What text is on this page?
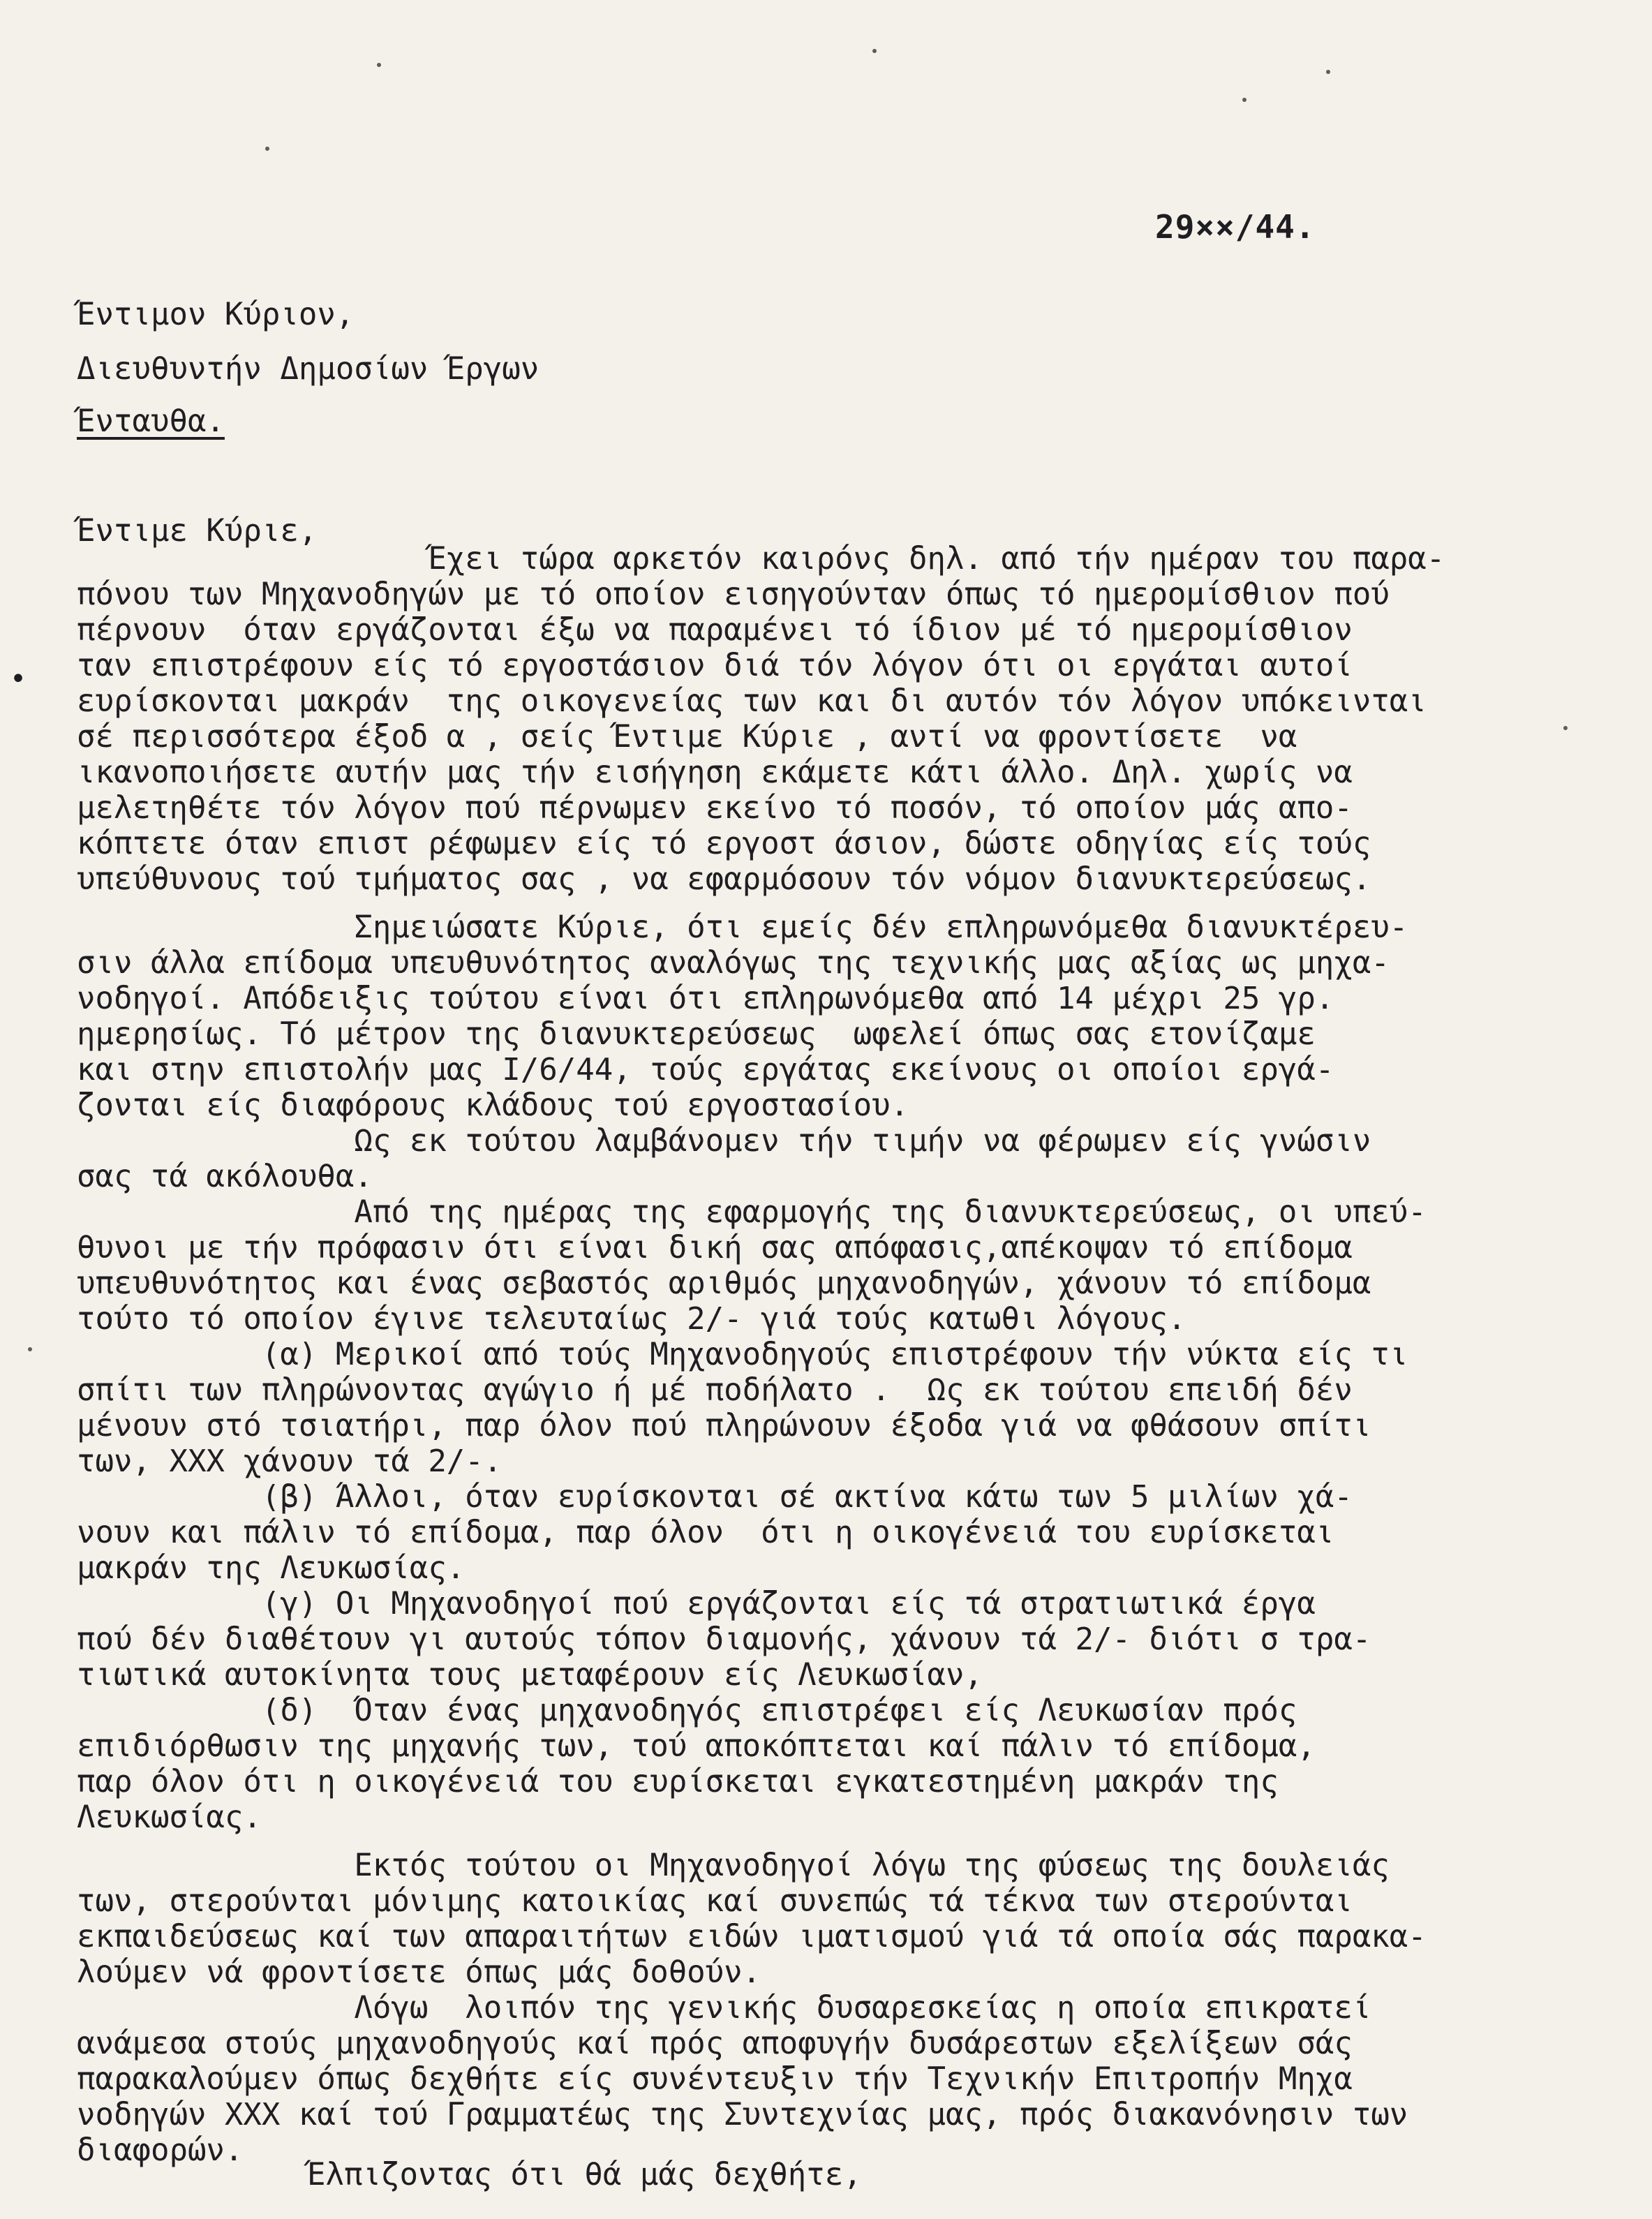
29××/44.
Έντιμον Κύριον,
Διευθυντήν Δημοσίων Έργων
Ένταυθα.
•
Έντιμε Κύριε,
Έχει τώρα αρκετόν καιρόνς δηλ. από τήν ημέραν του παρα-
πόνου των Μηχανοδηγών με τό οποίον εισηγούνταν όπως τό ημερομίσθιον πού
πέρνουν  όταν εργάζονται έξω να παραμένει τό ίδιον μέ τό ημερομίσθιον
ταν επιστρέφουν είς τό εργοστάσιον διά τόν λόγον ότι οι εργάται αυτοί
ευρίσκονται μακράν  της οικογενείας των και δι αυτόν τόν λόγον υπόκεινται
σέ περισσότερα έξοδ α , σείς Έντιμε Κύριε , αντί να φροντίσετε  να
ικανοποιήσετε αυτήν μας τήν εισήγηση εκάμετε κάτι άλλο. Δηλ. χωρίς να
μελετηθέτε τόν λόγον πού πέρνωμεν εκείνο τό ποσόν, τό οποίον μάς απο-
κόπτετε όταν επιστ ρέφωμεν είς τό εργοστ άσιον, δώστε οδηγίας είς τούς
υπεύθυνους τού τμήματος σας , να εφαρμόσουν τόν νόμον διανυκτερεύσεως.
Σημειώσατε Κύριε, ότι εμείς δέν επληρωνόμεθα διανυκτέρευ-
σιν άλλα επίδομα υπευθυνότητος αναλόγως της τεχνικής μας αξίας ως μηχα-
νοδηγοί. Απόδειξις τούτου είναι ότι επληρωνόμεθα από 14 μέχρι 25 γρ.
ημερησίως. Τό μέτρον της διανυκτερεύσεως  ωφελεί όπως σας ετονίζαμε
και στην επιστολήν μας I/6/44, τούς εργάτας εκείνους οι οποίοι εργά-
ζονται είς διαφόρους κλάδους τού εργοστασίου.
Ως εκ τούτου λαμβάνομεν τήν τιμήν να φέρωμεν είς γνώσιν
σας τά ακόλουθα.
Από της ημέρας της εφαρμογής της διανυκτερεύσεως, οι υπεύ-
θυνοι με τήν πρόφασιν ότι είναι δική σας απόφασις,απέκοψαν τό επίδομα
υπευθυνότητος και ένας σεβαστός αριθμός μηχανοδηγών, χάνουν τό επίδομα
τούτο τό οποίον έγινε τελευταίως 2/- γιά τούς κατωθι λόγους.
(α) Μερικοί από τούς Μηχανοδηγούς επιστρέφουν τήν νύκτα είς τι
σπίτι των πληρώνοντας αγώγιο ή μέ ποδήλατο .  Ως εκ τούτου επειδή δέν
μένουν στό τσιατήρι, παρ όλον πού πληρώνουν έξοδα γιά να φθάσουν σπίτι
των, XXX χάνουν τά 2/-.
(β) Άλλοι, όταν ευρίσκονται σέ ακτίνα κάτω των 5 μιλίων χά-
νουν και πάλιν τό επίδομα, παρ όλον  ότι η οικογένειά του ευρίσκεται
μακράν της Λευκωσίας.
(γ) Οι Μηχανοδηγοί πού εργάζονται είς τά στρατιωτικά έργα
πού δέν διαθέτουν γι αυτούς τόπον διαμονής, χάνουν τά 2/- διότι σ τρα-
τιωτικά αυτοκίνητα τους μεταφέρουν είς Λευκωσίαν,
(δ)  Όταν ένας μηχανοδηγός επιστρέφει είς Λευκωσίαν πρός
επιδιόρθωσιν της μηχανής των, τού αποκόπτεται καί πάλιν τό επίδομα,
παρ όλον ότι η οικογένειά του ευρίσκεται εγκατεστημένη μακράν της
Λευκωσίας.
Εκτός τούτου οι Μηχανοδηγοί λόγω της φύσεως της δουλειάς
των, στερούνται μόνιμης κατοικίας καί συνεπώς τά τέκνα των στερούνται
εκπαιδεύσεως καί των απαραιτήτων ειδών ιματισμού γιά τά οποία σάς παρακα-
λούμεν νά φροντίσετε όπως μάς δοθούν.
Λόγω  λοιπόν της γενικής δυσαρεσκείας η οποία επικρατεί
ανάμεσα στούς μηχανοδηγούς καί πρός αποφυγήν δυσάρεστων εξελίξεων σάς
παρακαλούμεν όπως δεχθήτε είς συνέντευξιν τήν Τεχνικήν Επιτροπήν Μηχα
νοδηγών XXX καί τού Γραμματέως της Συντεχνίας μας, πρός διακανόνησιν των
διαφορών.
Έλπιζοντας ότι θά μάς δεχθήτε,
